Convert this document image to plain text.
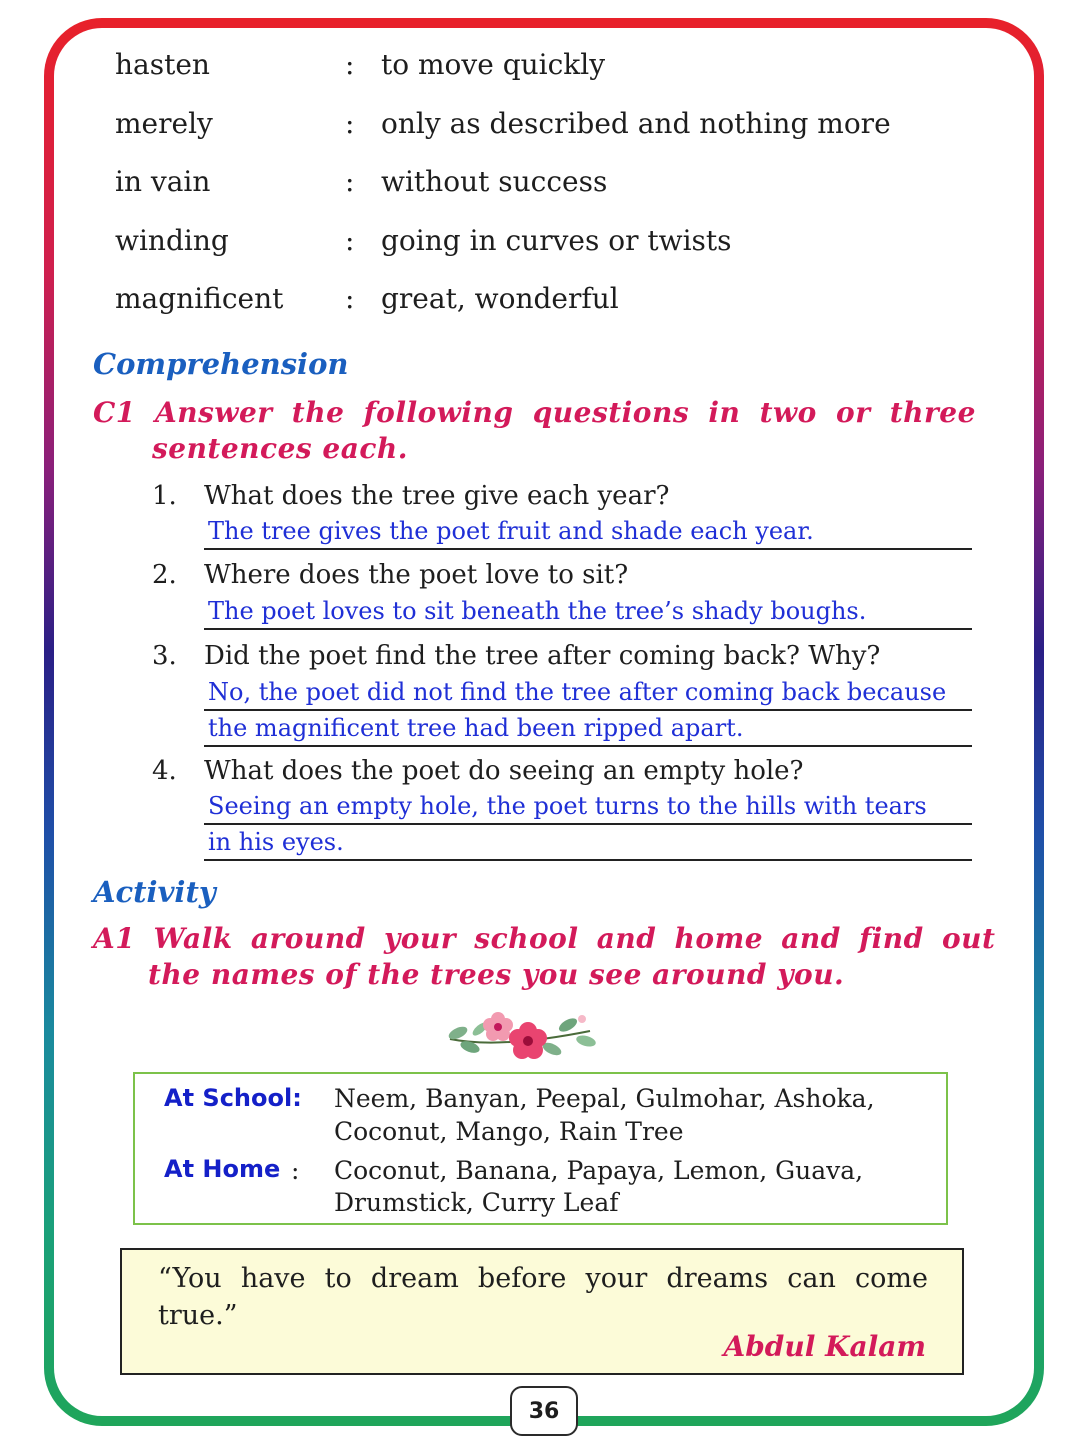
hasten	: to move quickly
merely	: only as described and nothing more
in vain	: without success
winding	: going in curves or twists
magnificent : great, wonderful
Comprehension
C1 Answer the following questions in two or three
sentences each.
1. What does the tree give each year?
The tree gives the poet fruit and shade each year.
2. Where does the poet love to sit?
The poet loves to sit beneath the tree’s shady boughs.
3. Did the poet find the tree after coming back? Why?
No, the poet did not find the tree after coming back because
the magnificent tree had been ripped apart.
4. What does the poet do seeing an empty hole?
Seeing an empty hole, the poet turns to the hills with tears
in his eyes.
Activity
A1 Walk around your school and home and find out
the names of the trees you see around you.
At School: Neem, Banyan, Peepal, Gulmohar, Ashoka,
Coconut, Mango, Rain Tree
At Home : Coconut, Banana, Papaya, Lemon, Guava,
Drumstick, Curry Leaf
“You have to dream before your dreams can come true.”
Abdul Kalam
36
